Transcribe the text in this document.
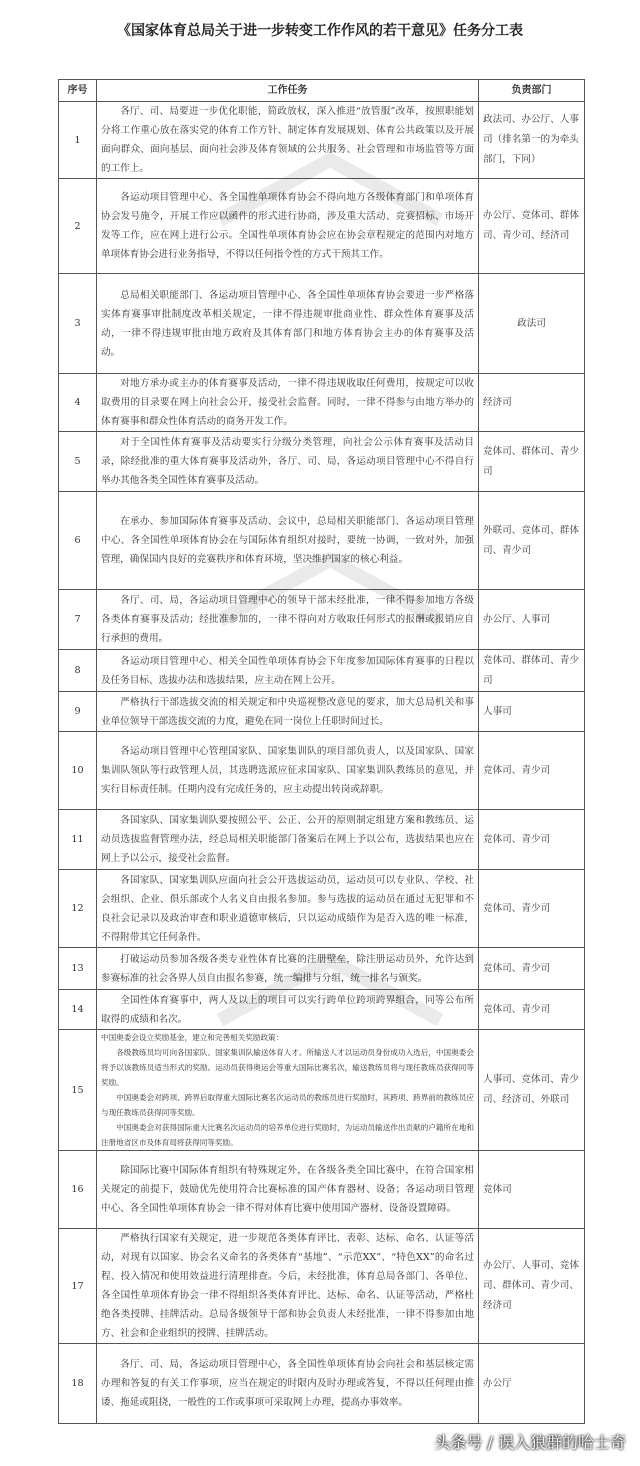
《国家体育总局关于进一步转变工作作风的若干意见》任务分工表
序号	工作任务	负责部门
1	各厅、司、局要进一步优化职能，简政放权，深入推进“放管服”改革，按照职能划分将工作重心放在落实党的体育工作方针、制定体育发展规划、体育公共政策以及开展面向群众、面向基层、面向社会涉及体育领域的公共服务、社会管理和市场监管等方面的工作上。	政法司、办公厅、人事司（排名第一的为牵头部门，下同）
2	各运动项目管理中心、各全国性单项体育协会不得向地方各级体育部门和单项体育协会发号施令，开展工作应以函件的形式进行协商，涉及重大活动、竞赛招标、市场开发等工作，应在网上进行公示。全国性单项体育协会应在协会章程规定的范围内对地方单项体育协会进行业务指导，不得以任何指令性的方式干预其工作。	办公厅、竞体司、群体司、青少司、经济司
3	总局相关职能部门、各运动项目管理中心、各全国性单项体育协会要进一步严格落实体育赛事审批制度改革相关规定，一律不得违规审批商业性、群众性体育赛事及活动，一律不得违规审批由地方政府及其体育部门和地方体育协会主办的体育赛事及活动。	政法司
4	对地方承办或主办的体育赛事及活动，一律不得违规收取任何费用，按规定可以收取费用的目录要在网上向社会公开，接受社会监督。同时，一律不得参与由地方举办的体育赛事和群众性体育活动的商务开发工作。	经济司
5	对于全国性体育赛事及活动要实行分级分类管理，向社会公示体育赛事及活动目录，除经批准的重大体育赛事及活动外，各厅、司、局，各运动项目管理中心不得自行举办其他各类全国性体育赛事及活动。	竞体司、群体司、青少司
6	在承办、参加国际体育赛事及活动、会议中，总局相关职能部门、各运动项目管理中心、各全国性单项体育协会在与国际体育组织对接时，要统一协调，一致对外，加强管理，确保国内良好的竞赛秩序和体育环境，坚决维护国家的核心利益。	外联司、竞体司、群体司、青少司
7	各厅、司、局，各运动项目管理中心的领导干部未经批准，一律不得参加地方各级各类体育赛事及活动；经批准参加的，一律不得向对方收取任何形式的报酬或报销应自行承担的费用。	办公厅、人事司
8	各运动项目管理中心、相关全国性单项体育协会下年度参加国际体育赛事的日程以及任务目标、选拔办法和选拔结果，应主动在网上公开。	竞体司、群体司、青少司
9	严格执行干部选拔交流的相关规定和中央巡视整改意见的要求，加大总局机关和事业单位领导干部选拔交流的力度，避免在同一岗位上任职时间过长。	人事司
10	各运动项目管理中心管理国家队、国家集训队的项目部负责人，以及国家队、国家集训队领队等行政管理人员，其选聘选派应征求国家队、国家集训队教练员的意见，并实行目标责任制。任期内没有完成任务的，应主动提出转岗或辞职。	竞体司、青少司
11	各国家队、国家集训队要按照公平、公正、公开的原则制定组建方案和教练员、运动员选拔监督管理办法，经总局相关职能部门备案后在网上予以公布，选拔结果也应在网上予以公示，接受社会监督。	竞体司、青少司
12	各国家队、国家集训队应面向社会公开选拔运动员，运动员可以专业队、学校、社会组织、企业、俱乐部或个人名义自由报名参加。参与选拔的运动员在通过无犯罪和不良社会记录以及政治审查和职业道德审核后，只以运动成绩作为是否入选的唯一标准，不得附带其它任何条件。	竞体司、青少司
13	打破运动员参加各级各类专业性体育比赛的注册壁垒，除注册运动员外，允许达到参赛标准的社会各界人员自由报名参赛，统一编排与分组，统一排名与颁奖。	竞体司、青少司
14	全国性体育赛事中，两人及以上的项目可以实行跨单位跨项跨界组合，同等公布所取得的成绩和名次。	竞体司、青少司
15	中国奥委会设立奖励基金，建立和完善相关奖励政策：

各级教练员均可向各国家队、国家集训队输送体育人才。所输送人才以运动员身份成功入选后，中国奥委会将予以该教练员适当形式的奖励。运动员获得奥运会等重大国际比赛名次，输送教练员将与现任教练员获得同等奖励。

中国奥委会对跨项、跨界后取得重大国际比赛名次运动员的教练员进行奖励时，其跨项、跨界前的教练员应与现任教练员获得同等奖励。

中国奥委会对获得国际重大比赛名次运动员的培养单位进行奖励时，为运动员输送作出贡献的户籍所在地和注册地省区市及体育局将获得同等奖励。	人事司、竞体司、青少司、经济司、外联司
16	除国际比赛中国际体育组织有特殊规定外，在各级各类全国比赛中，在符合国家相关规定的前提下，鼓励优先使用符合比赛标准的国产体育器材、设备；各运动项目管理中心、各全国性单项体育协会一律不得对体育比赛中使用国产器材、设备设置障碍。	竞体司
17	严格执行国家有关规定，进一步规范各类体育评比、表彰、达标、命名、认证等活动，对现有以国家、协会名义命名的各类体育“基地”、“示范XX”、“特色XX”的命名过程、投入情况和使用效益进行清理排查。今后，未经批准，体育总局各部门、各单位、各全国性单项体育协会一律不得组织各类体育评比、达标、命名、认证等活动，严格杜绝各类授牌、挂牌活动。总局各级领导干部和协会负责人未经批准，一律不得参加由地方、社会和企业组织的授牌、挂牌活动。	办公厅、人事司、竞体司、群体司、青少司、经济司
18	各厅、司、局，各运动项目管理中心，各全国性单项体育协会向社会和基层核定需办理和答复的有关工作事项，应当在规定的时限内及时办理或答复，不得以任何理由推诿、拖延或阻挠，一般性的工作或事项可采取网上办理，提高办事效率。	办公厅
头条号 / 误入狼群的哈士奇
